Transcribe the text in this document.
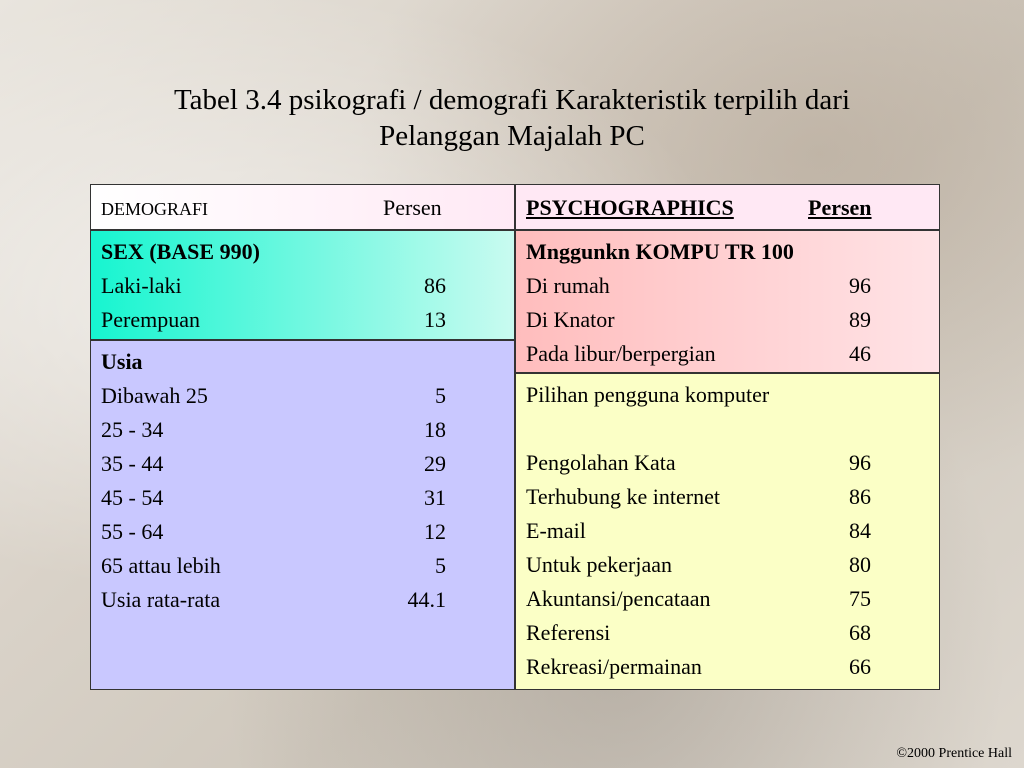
Tabel 3.4 psikografi / demografi Karakteristik terpilih dari
Pelanggan Majalah PC
DEMOGRAFI	Persen	PSYCHOGRAPHICS	Persen
SEX (BASE 990)
Laki-laki	86
Perempuan	13
Usia
Dibawah 25	5
25 - 34	18
35 - 44	29
45 - 54	31
55 - 64	12
65 attau lebih	5
Usia rata-rata	44.1
Mnggunkn KOMPU TR 100
Di rumah	96
Di Knator	89
Pada libur/berpergian	46
Pilihan pengguna komputer
Pengolahan Kata	96
Terhubung ke internet	86
E-mail	84
Untuk pekerjaan	80
Akuntansi/pencataan	75
Referensi	68
Rekreasi/permainan	66
©2000 Prentice Hall
